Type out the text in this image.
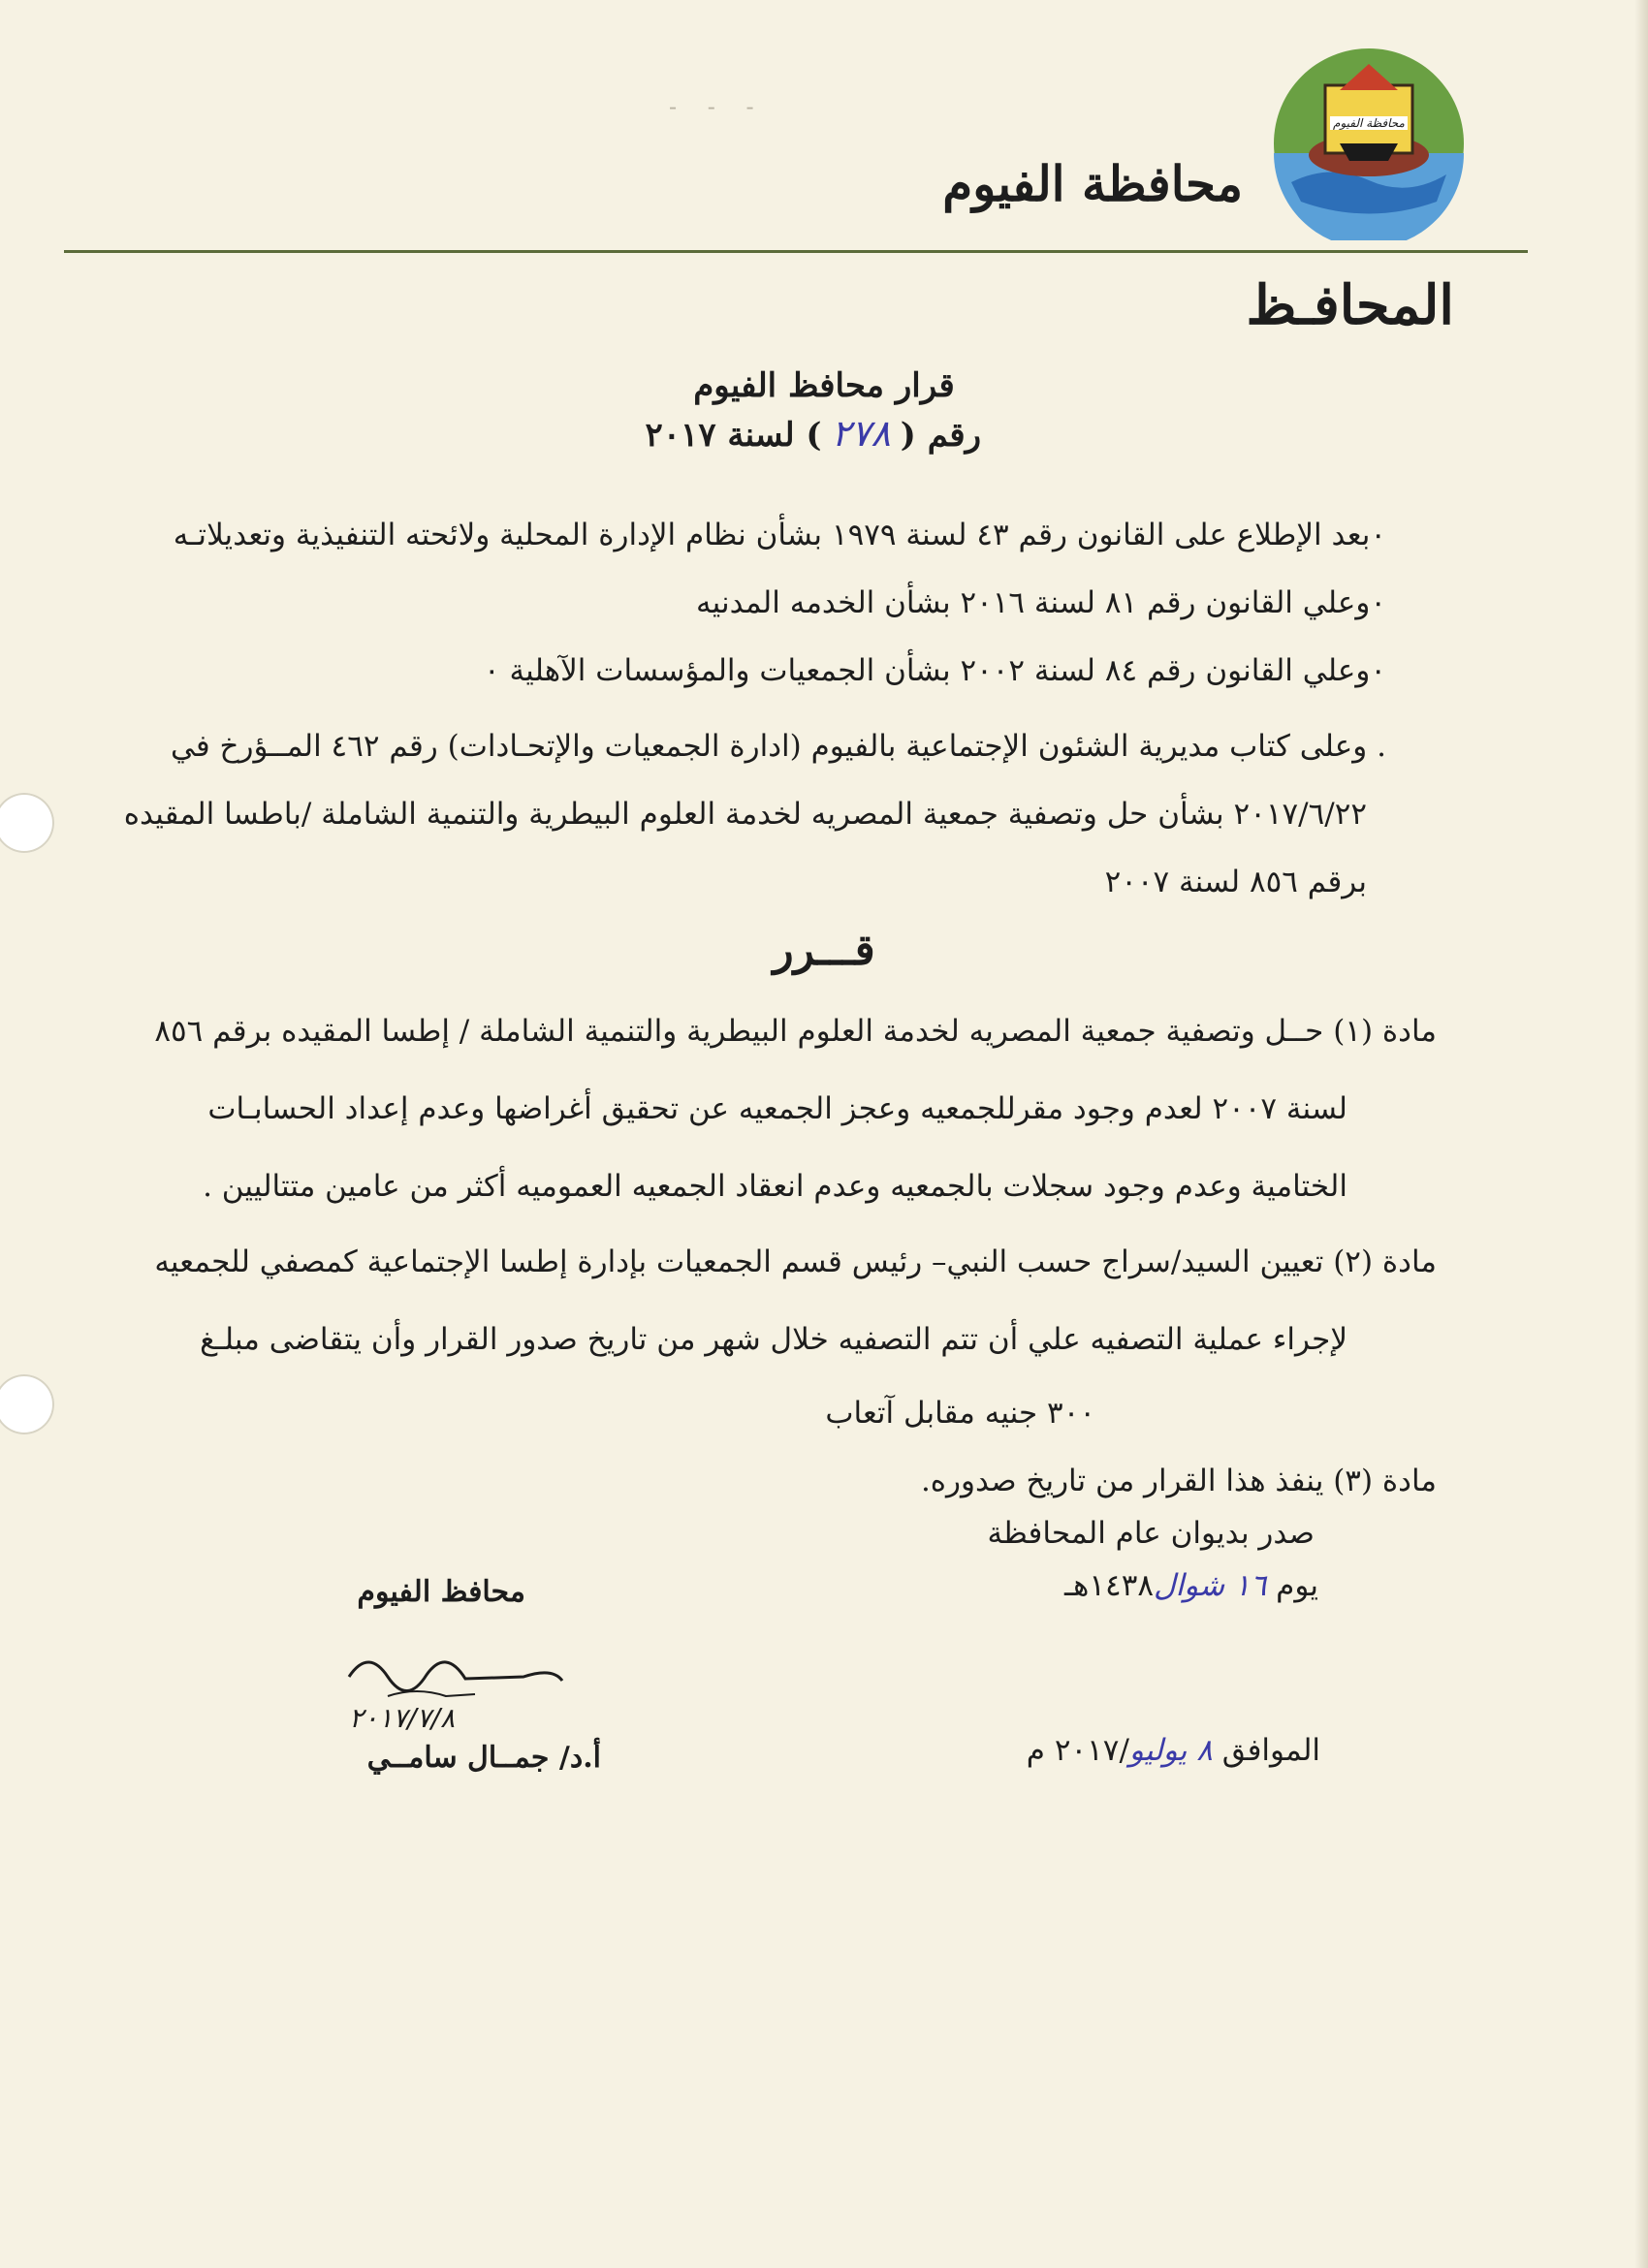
- - -
محافظة الفيوم
محافظة الفيوم
المحافـظ
قرار محافظ الفيوم
رقم (٢٧٨) لسنة ٢٠١٧
٠بعد الإطلاع على القانون رقم ٤٣ لسنة ١٩٧٩ بشأن نظام الإدارة المحلية ولائحته التنفيذية وتعديلاتـه
٠وعلي القانون رقم ٨١ لسنة ٢٠١٦ بشأن الخدمه المدنيه
٠وعلي القانون رقم ٨٤ لسنة ٢٠٠٢ بشأن الجمعيات والمؤسسات الآهلية ٠
. وعلى كتاب مديرية الشئون الإجتماعية بالفيوم (ادارة الجمعيات والإتحـادات) رقم ٤٦٢ المــؤرخ في
٢٠١٧/٦/٢٢ بشأن حل وتصفية جمعية المصريه لخدمة العلوم البيطرية والتنمية الشاملة /باطسا المقيده
برقم ٨٥٦ لسنة ٢٠٠٧
قـــرر
مادة (١) حــل وتصفية جمعية المصريه لخدمة العلوم البيطرية والتنمية الشاملة / إطسا المقيده برقم ٨٥٦
لسنة ٢٠٠٧ لعدم وجود مقرللجمعيه وعجز الجمعيه عن تحقيق أغراضها وعدم إعداد الحسابـات
الختامية وعدم وجود سجلات بالجمعيه وعدم انعقاد الجمعيه العموميه أكثر من عامين متتاليين .
مادة (٢) تعيين السيد/سراج حسب النبي– رئيس قسم الجمعيات بإدارة إطسا الإجتماعية كمصفي للجمعيه
لإجراء عملية التصفيه علي أن تتم التصفيه خلال شهر من تاريخ صدور القرار وأن يتقاضى مبلـغ
٣٠٠ جنيه مقابل آتعاب
مادة (٣) ينفذ هذا القرار من تاريخ صدوره.
صدر بديوان عام المحافظة
يوم ١٦ شوال١٤٣٨هـ
الموافق ٨ يوليو/٢٠١٧ م
محافظ الفيوم
٢٠١٧/٧/٨
أ.د/ جمــال سامــي
